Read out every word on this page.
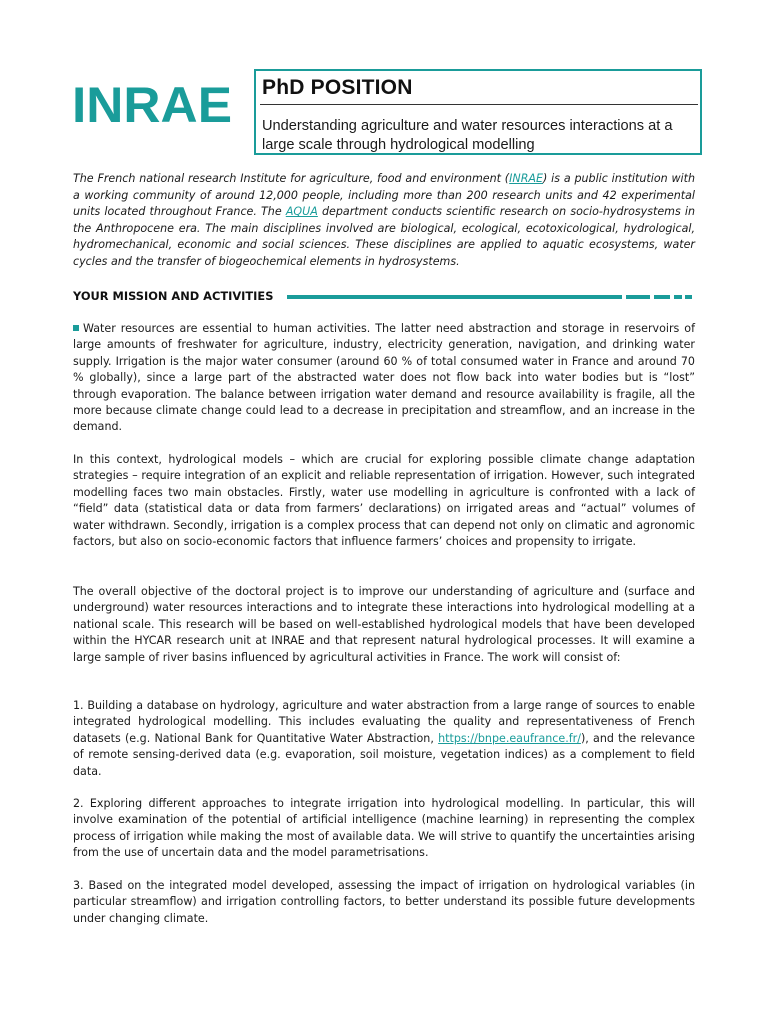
INRAE PhD POSITION
Understanding agriculture and water resources interactions at a large scale through hydrological modelling

The French national research Institute for agriculture, food and environment (INRAE) is a public institution with a working community of around 12,000 people, including more than 200 research units and 42 experimental units located throughout France. The AQUA department conducts scientific research on socio-hydrosystems in the Anthropocene era. The main disciplines involved are biological, ecological, ecotoxicological, hydrological, hydromechanical, economic and social sciences. These disciplines are applied to aquatic ecosystems, water cycles and the transfer of biogeochemical elements in hydrosystems.

YOUR MISSION AND ACTIVITIES

Water resources are essential to human activities. The latter need abstraction and storage in reservoirs of large amounts of freshwater for agriculture, industry, electricity generation, navigation, and drinking water supply. Irrigation is the major water consumer (around 60 % of total consumed water in France and around 70 % globally), since a large part of the abstracted water does not flow back into water bodies but is “lost” through evaporation. The balance between irrigation water demand and resource availability is fragile, all the more because climate change could lead to a decrease in precipitation and streamflow, and an increase in the demand.

In this context, hydrological models – which are crucial for exploring possible climate change adaptation strategies – require integration of an explicit and reliable representation of irrigation. However, such integrated modelling faces two main obstacles. Firstly, water use modelling in agriculture is confronted with a lack of “field” data (statistical data or data from farmers’ declarations) on irrigated areas and “actual” volumes of water withdrawn. Secondly, irrigation is a complex process that can depend not only on climatic and agronomic factors, but also on socio-economic factors that influence farmers’ choices and propensity to irrigate.

The overall objective of the doctoral project is to improve our understanding of agriculture and (surface and underground) water resources interactions and to integrate these interactions into hydrological modelling at a national scale. This research will be based on well-established hydrological models that have been developed within the HYCAR research unit at INRAE and that represent natural hydrological processes. It will examine a large sample of river basins influenced by agricultural activities in France. The work will consist of:

1. Building a database on hydrology, agriculture and water abstraction from a large range of sources to enable integrated hydrological modelling. This includes evaluating the quality and representativeness of French datasets (e.g. National Bank for Quantitative Water Abstraction, https://bnpe.eaufrance.fr/), and the relevance of remote sensing-derived data (e.g. evaporation, soil moisture, vegetation indices) as a complement to field data.

2. Exploring different approaches to integrate irrigation into hydrological modelling. In particular, this will involve examination of the potential of artificial intelligence (machine learning) in representing the complex process of irrigation while making the most of available data. We will strive to quantify the uncertainties arising from the use of uncertain data and the model parametrisations.

3. Based on the integrated model developed, assessing the impact of irrigation on hydrological variables (in particular streamflow) and irrigation controlling factors, to better understand its possible future developments under changing climate.
